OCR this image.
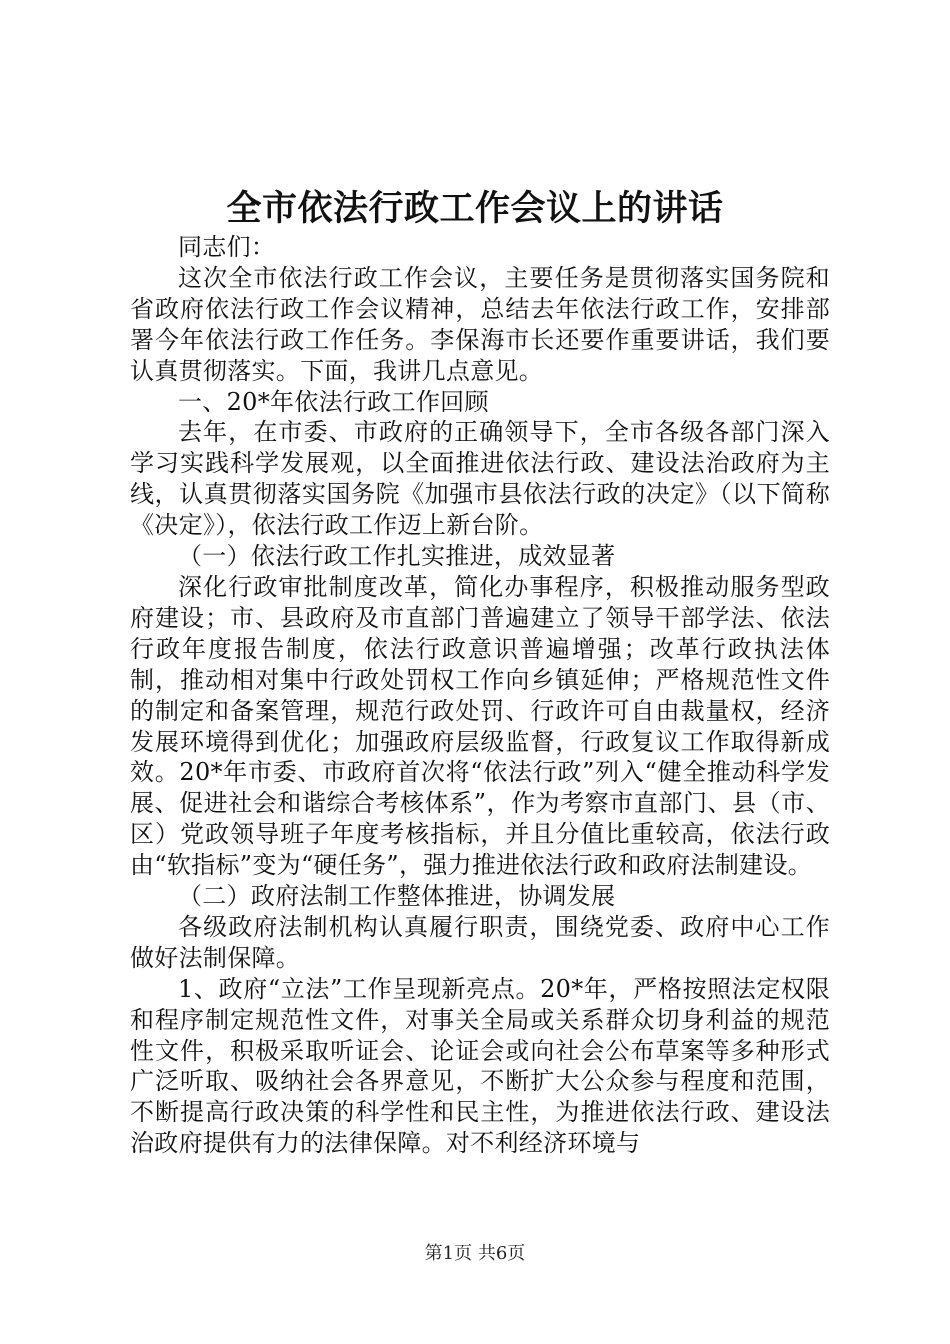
全市依法行政工作会议上的讲话

同志们：

这次全市依法行政工作会议，主要任务是贯彻落实国务院和省政府依法行政工作会议精神，总结去年依法行政工作，安排部署今年依法行政工作任务。李保海市长还要作重要讲话，我们要认真贯彻落实。下面，我讲几点意见。

一、20*年依法行政工作回顾

去年，在市委、市政府的正确领导下，全市各级各部门深入学习实践科学发展观，以全面推进依法行政、建设法治政府为主线，认真贯彻落实国务院《加强市县依法行政的决定》（以下简称《决定》），依法行政工作迈上新台阶。

（一）依法行政工作扎实推进，成效显著

深化行政审批制度改革，简化办事程序，积极推动服务型政府建设；市、县政府及市直部门普遍建立了领导干部学法、依法行政年度报告制度，依法行政意识普遍增强；改革行政执法体制，推动相对集中行政处罚权工作向乡镇延伸；严格规范性文件的制定和备案管理，规范行政处罚、行政许可自由裁量权，经济发展环境得到优化；加强政府层级监督，行政复议工作取得新成效。20*年市委、市政府首次将“依法行政”列入“健全推动科学发展、促进社会和谐综合考核体系”，作为考察市直部门、县（市、区）党政领导班子年度考核指标，并且分值比重较高，依法行政由“软指标”变为“硬任务”，强力推进依法行政和政府法制建设。

（二）政府法制工作整体推进，协调发展

各级政府法制机构认真履行职责，围绕党委、政府中心工作做好法制保障。

1、政府“立法”工作呈现新亮点。20*年，严格按照法定权限和程序制定规范性文件，对事关全局或关系群众切身利益的规范性文件，积极采取听证会、论证会或向社会公布草案等多种形式广泛听取、吸纳社会各界意见，不断扩大公众参与程度和范围，不断提高行政决策的科学性和民主性，为推进依法行政、建设法治政府提供有力的法律保障。对不利经济环境与

第1页 共6页
